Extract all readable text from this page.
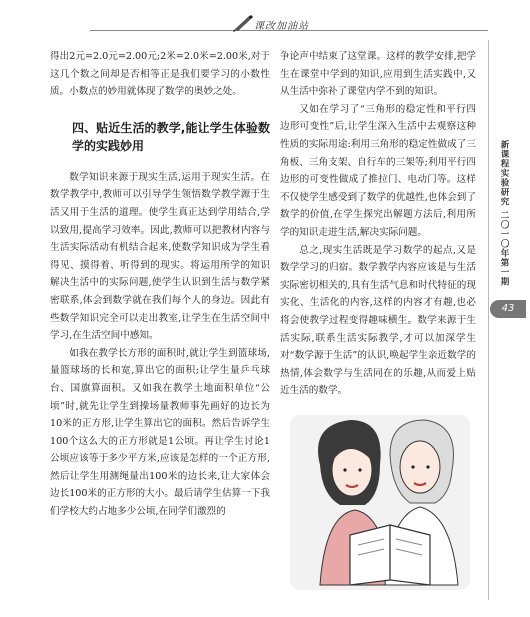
课改加油站

得出2元=2.0元=2.00元;2米=2.0米=2.00米,对于这几个数之间却是否相等正是我们要学习的小数性质。小数点的妙用就体现了数学的奥妙之处。

四、贴近生活的教学,能让学生体验数学的实践妙用

数学知识来源于现实生活,运用于现实生活。在数学教学中,教师可以引导学生领悟数学教学源于生活又用于生活的道理。使学生真正达到学用结合,学以致用,提高学习效率。因此,教师可以把教材内容与生活实际活动有机结合起来,使数学知识成为学生看得见、摸得着、听得到的现实。将运用所学的知识解决生活中的实际问题,使学生认识到生活与数学紧密联系,体会到数学就在我们每个人的身边。因此有些数学知识完全可以走出教室,让学生在生活空间中学习,在生活空间中感知。

如我在教学长方形的面积时,就让学生到篮球场,量篮球场的长和宽,算出它的面积;让学生量乒乓球台、国旗算面积。又如我在教学土地面积单位“公顷”时,就先让学生到操场量教师事先画好的边长为10米的正方形,让学生算出它的面积。然后告诉学生100个这么大的正方形就是1公顷。再让学生讨论1公顷应该等于多少平方米,应该是怎样的一个正方形,然后让学生用测绳量出100米的边长来,让大家体会边长100米的正方形的大小。最后请学生估算一下我们学校大约占地多少公顷,在同学们激烈的

争论声中结束了这堂课。这样的教学安排,把学生在课堂中学到的知识,应用到生活实践中,又从生活中弥补了课堂内学不到的知识。

又如在学习了“三角形的稳定性和平行四边形可变性”后,让学生深入生活中去观察这种性质的实际用途:利用三角形的稳定性做成了三角板、三角支架、自行车的三架等;利用平行四边形的可变性做成了推拉门、电动门等。这样不仅使学生感受到了数学的优越性,也体会到了数学的价值,在学生探究出解题方法后,利用所学的知识走进生活,解决实际问题。

总之,现实生活既是学习数学的起点,又是数学学习的归宿。数学教学内容应该是与生活实际密切相关的,具有生活气息和时代特征的现实化、生活化的内容,这样的内容才有趣,也必将会使教学过程变得趣味横生。数学来源于生活实际,联系生活实际教学,才可以加深学生对“数学源于生活”的认识,唤起学生亲近数学的热情,体会数学与生活同在的乐趣,从而爱上贴近生活的数学。

新课程实验研究 二〇一〇年第一期
43
